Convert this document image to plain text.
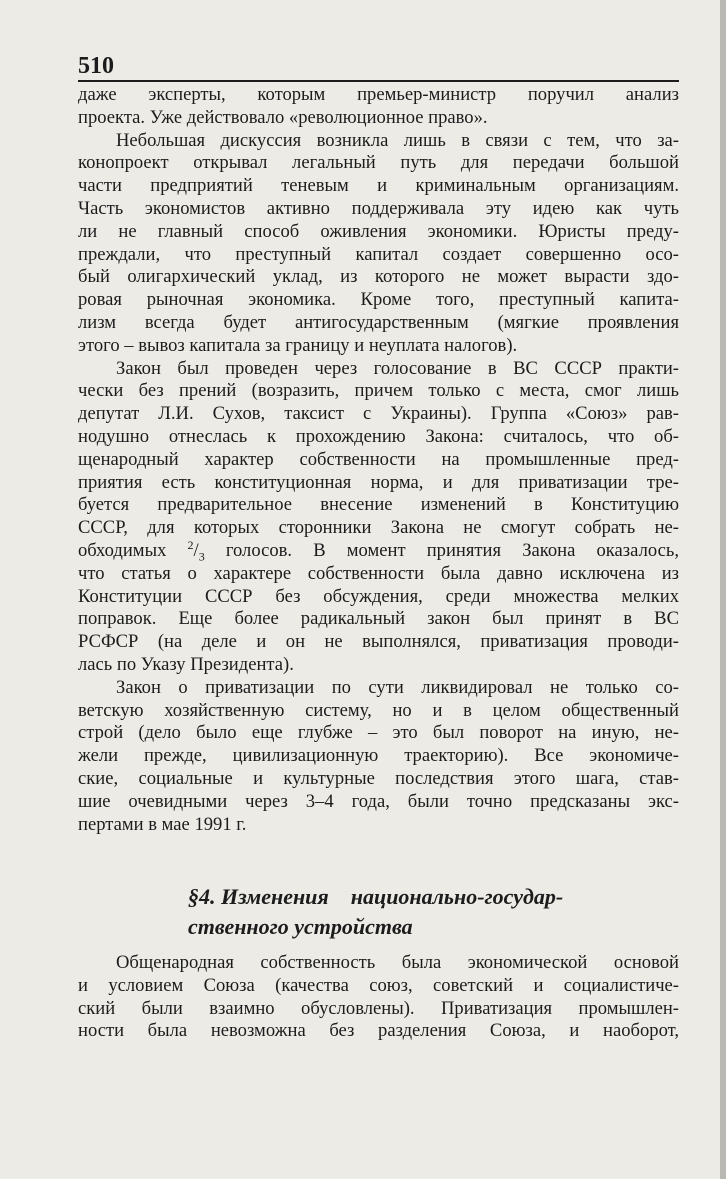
510
даже эксперты, которым премьер-министр поручил анализ
проекта. Уже действовало «революционное право».
Небольшая дискуссия возникла лишь в связи с тем, что за-
конопроект открывал легальный путь для передачи большой
части предприятий теневым и криминальным организациям.
Часть экономистов активно поддерживала эту идею как чуть
ли не главный способ оживления экономики. Юристы преду-
преждали, что преступный капитал создает совершенно осо-
бый олигархический уклад, из которого не может вырасти здо-
ровая рыночная экономика. Кроме того, преступный капита-
лизм всегда будет антигосударственным (мягкие проявления
этого – вывоз капитала за границу и неуплата налогов).
Закон был проведен через голосование в ВС СССР практи-
чески без прений (возразить, причем только с места, смог лишь
депутат Л.И. Сухов, таксист с Украины). Группа «Союз» рав-
нодушно отнеслась к прохождению Закона: считалось, что об-
щенародный характер собственности на промышленные пред-
приятия есть конституционная норма, и для приватизации тре-
буется предварительное внесение изменений в Конституцию
СССР, для которых сторонники Закона не смогут собрать не-
обходимых $^2/_3$ голосов. В момент принятия Закона оказалось,
что статья о характере собственности была давно исключена из
Конституции СССР без обсуждения, среди множества мелких
поправок. Еще более радикальный закон был принят в ВС
РСФСР (на деле и он не выполнялся, приватизация проводи-
лась по Указу Президента).
Закон о приватизации по сути ликвидировал не только со-
ветскую хозяйственную систему, но и в целом общественный
строй (дело было еще глубже – это был поворот на иную, не-
жели прежде, цивилизационную траекторию). Все экономиче-
ские, социальные и культурные последствия этого шага, став-
шие очевидными через 3–4 года, были точно предсказаны экс-
пертами в мае 1991 г.
§4. Изменения    национально-государ-
ственного устройства
Общенародная собственность была экономической основой
и условием Союза (качества союз, советский и социалистиче-
ский были взаимно обусловлены). Приватизация промышлен-
ности была невозможна без разделения Союза, и наоборот,
